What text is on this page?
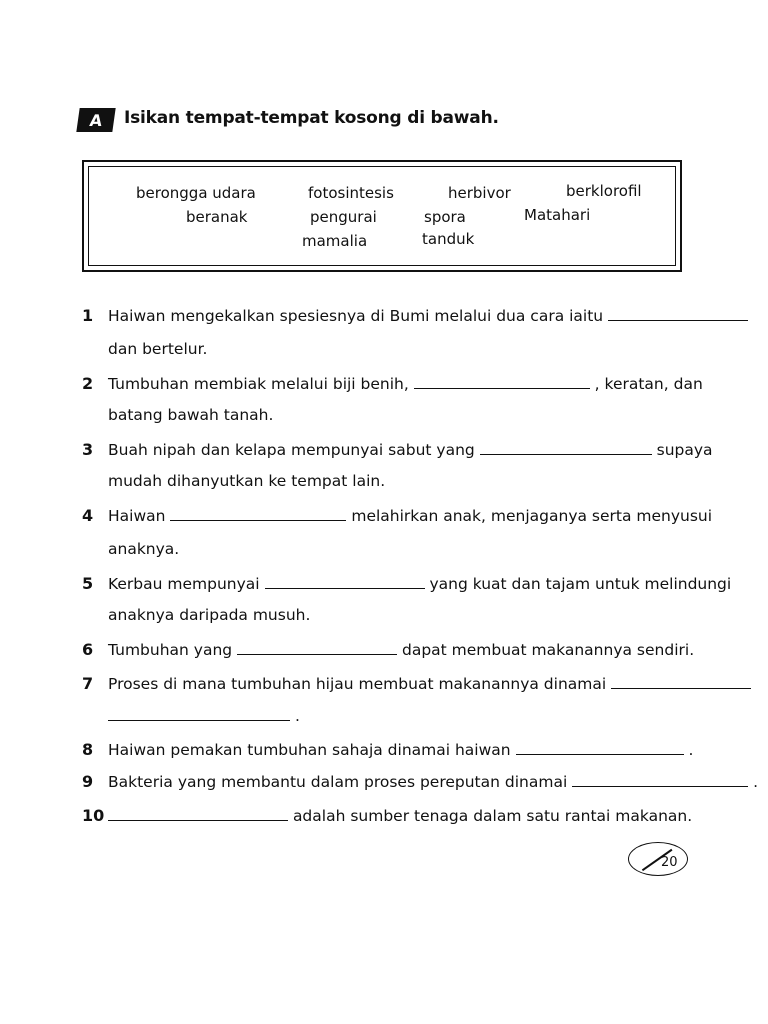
A	Isikan tempat-tempat kosong di bawah.
berongga udara	fotosintesis	herbivor	berklorofil
beranak	pengurai	spora	Matahari
mamalia	tanduk
1 Haiwan mengekalkan spesiesnya di Bumi melalui dua cara iaitu
dan bertelur.
2 Tumbuhan membiak melalui biji benih,	, keratan, dan
batang bawah tanah.
3 Buah nipah dan kelapa mempunyai sabut yang	supaya
mudah dihanyutkan ke tempat lain.
4 Haiwan	melahirkan anak, menjaganya serta menyusui
anaknya.
5 Kerbau mempunyai	yang kuat dan tajam untuk melindungi
anaknya daripada musuh.
6 Tumbuhan yang	dapat membuat makanannya sendiri.
7 Proses di mana tumbuhan hijau membuat makanannya dinamai
.
8 Haiwan pemakan tumbuhan sahaja dinamai haiwan	.
9 Bakteria yang membantu dalam proses pereputan dinamai	.
10	adalah sumber tenaga dalam satu rantai makanan.
20
